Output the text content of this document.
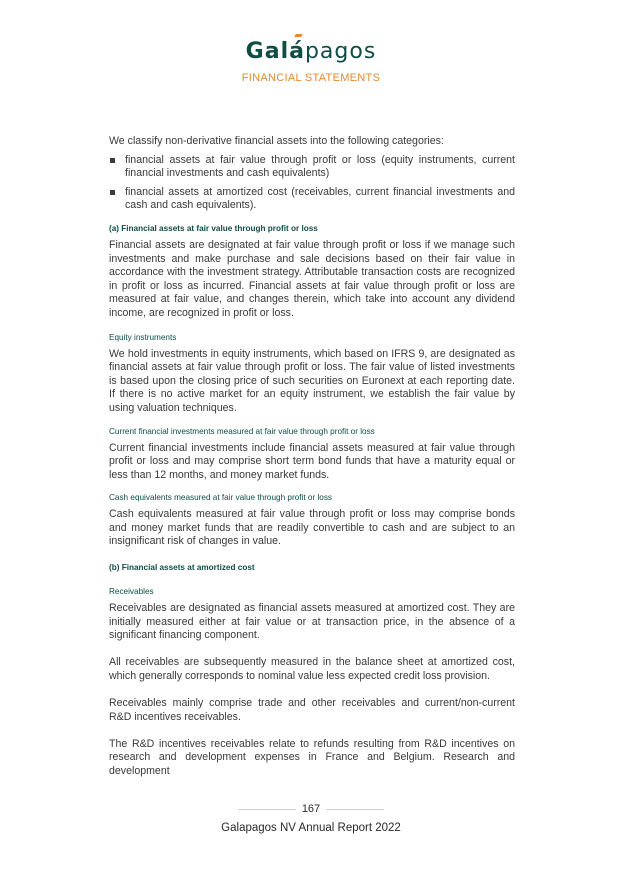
Galápagos
FINANCIAL STATEMENTS

We classify non-derivative financial assets into the following categories:

financial assets at fair value through profit or loss (equity instruments, current financial investments and cash equivalents)
financial assets at amortized cost (receivables, current financial investments and cash and cash equivalents).
(a) Financial assets at fair value through profit or loss

Financial assets are designated at fair value through profit or loss if we manage such investments and make purchase and sale decisions based on their fair value in accordance with the investment strategy. Attributable transaction costs are recognized in profit or loss as incurred. Financial assets at fair value through profit or loss are measured at fair value, and changes therein, which take into account any dividend income, are recognized in profit or loss.

Equity instruments

We hold investments in equity instruments, which based on IFRS 9, are designated as financial assets at fair value through profit or loss. The fair value of listed investments is based upon the closing price of such securities on Euronext at each reporting date. If there is no active market for an equity instrument, we establish the fair value by using valuation techniques.

Current financial investments measured at fair value through profit or loss

Current financial investments include financial assets measured at fair value through profit or loss and may comprise short term bond funds that have a maturity equal or less than 12 months, and money market funds.

Cash equivalents measured at fair value through profit or loss

Cash equivalents measured at fair value through profit or loss may comprise bonds and money market funds that are readily convertible to cash and are subject to an insignificant risk of changes in value.

(b) Financial assets at amortized cost
Receivables

Receivables are designated as financial assets measured at amortized cost. They are initially measured either at fair value or at transaction price, in the absence of a significant financing component.

All receivables are subsequently measured in the balance sheet at amortized cost, which generally corresponds to nominal value less expected credit loss provision.

Receivables mainly comprise trade and other receivables and current/non-current R&D incentives receivables.

The R&D incentives receivables relate to refunds resulting from R&D incentives on research and development expenses in France and Belgium. Research and development

167
Galapagos NV Annual Report 2022
